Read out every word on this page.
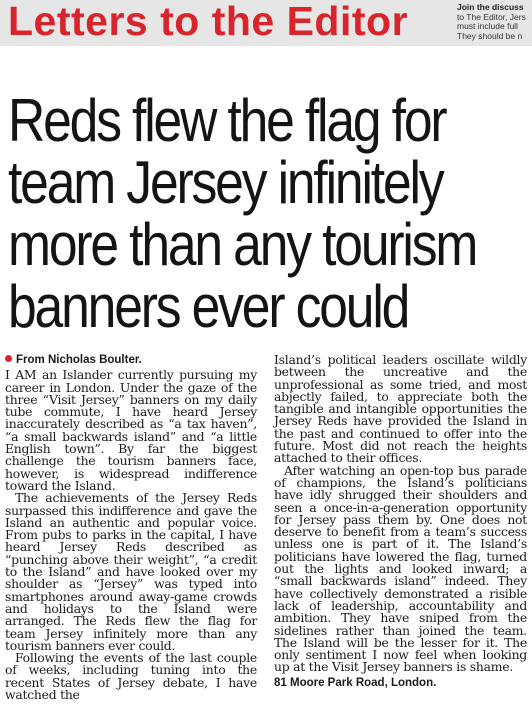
Letters to the Editor	Join the discuss
to The Editor, Jers
must include full
They should be n
Reds flew the flag for
team Jersey infinitely
more than any tourism
banners ever could
From Nicholas Boulter.

I AM an Islander currently pursuing my career in London. Under the gaze of the three “Visit Jersey” banners on my daily tube commute, I have heard Jersey inaccurately described as “a tax haven”, “a small backwards island” and “a little English town”. By far the biggest challenge the tourism banners face, however, is widespread indifference toward the Island.

The achievements of the Jersey Reds surpassed this indifference and gave the Island an authentic and popular voice. From pubs to parks in the capital, I have heard Jersey Reds described as “punching above their weight”, “a credit to the Island” and have looked over my shoulder as “Jersey” was typed into smartphones around away-game crowds and holidays to the Island were arranged. The Reds flew the flag for team Jersey infinitely more than any tourism banners ever could.

Following the events of the last couple of weeks, including tuning into the recent States of Jersey debate, I have watched the

Island’s political leaders oscillate wildly between the uncreative and the unprofessional as some tried, and most abjectly failed, to appreciate both the tangible and intangible opportunities the Jersey Reds have provided the Island in the past and continued to offer into the future. Most did not reach the heights attached to their offices.

After watching an open-top bus parade of champions, the Island’s politicians have idly shrugged their shoulders and seen a once-in-a-generation opportunity for Jersey pass them by. One does not deserve to benefit from a team’s success unless one is part of it. The Island’s politicians have lowered the flag, turned out the lights and looked inward; a “small backwards island” indeed. They have collectively demonstrated a risible lack of leadership, accountability and ambition. They have sniped from the sidelines rather than joined the team. The Island will be the lesser for it. The only sentiment I now feel when looking up at the Visit Jersey banners is shame.

81 Moore Park Road, London.
